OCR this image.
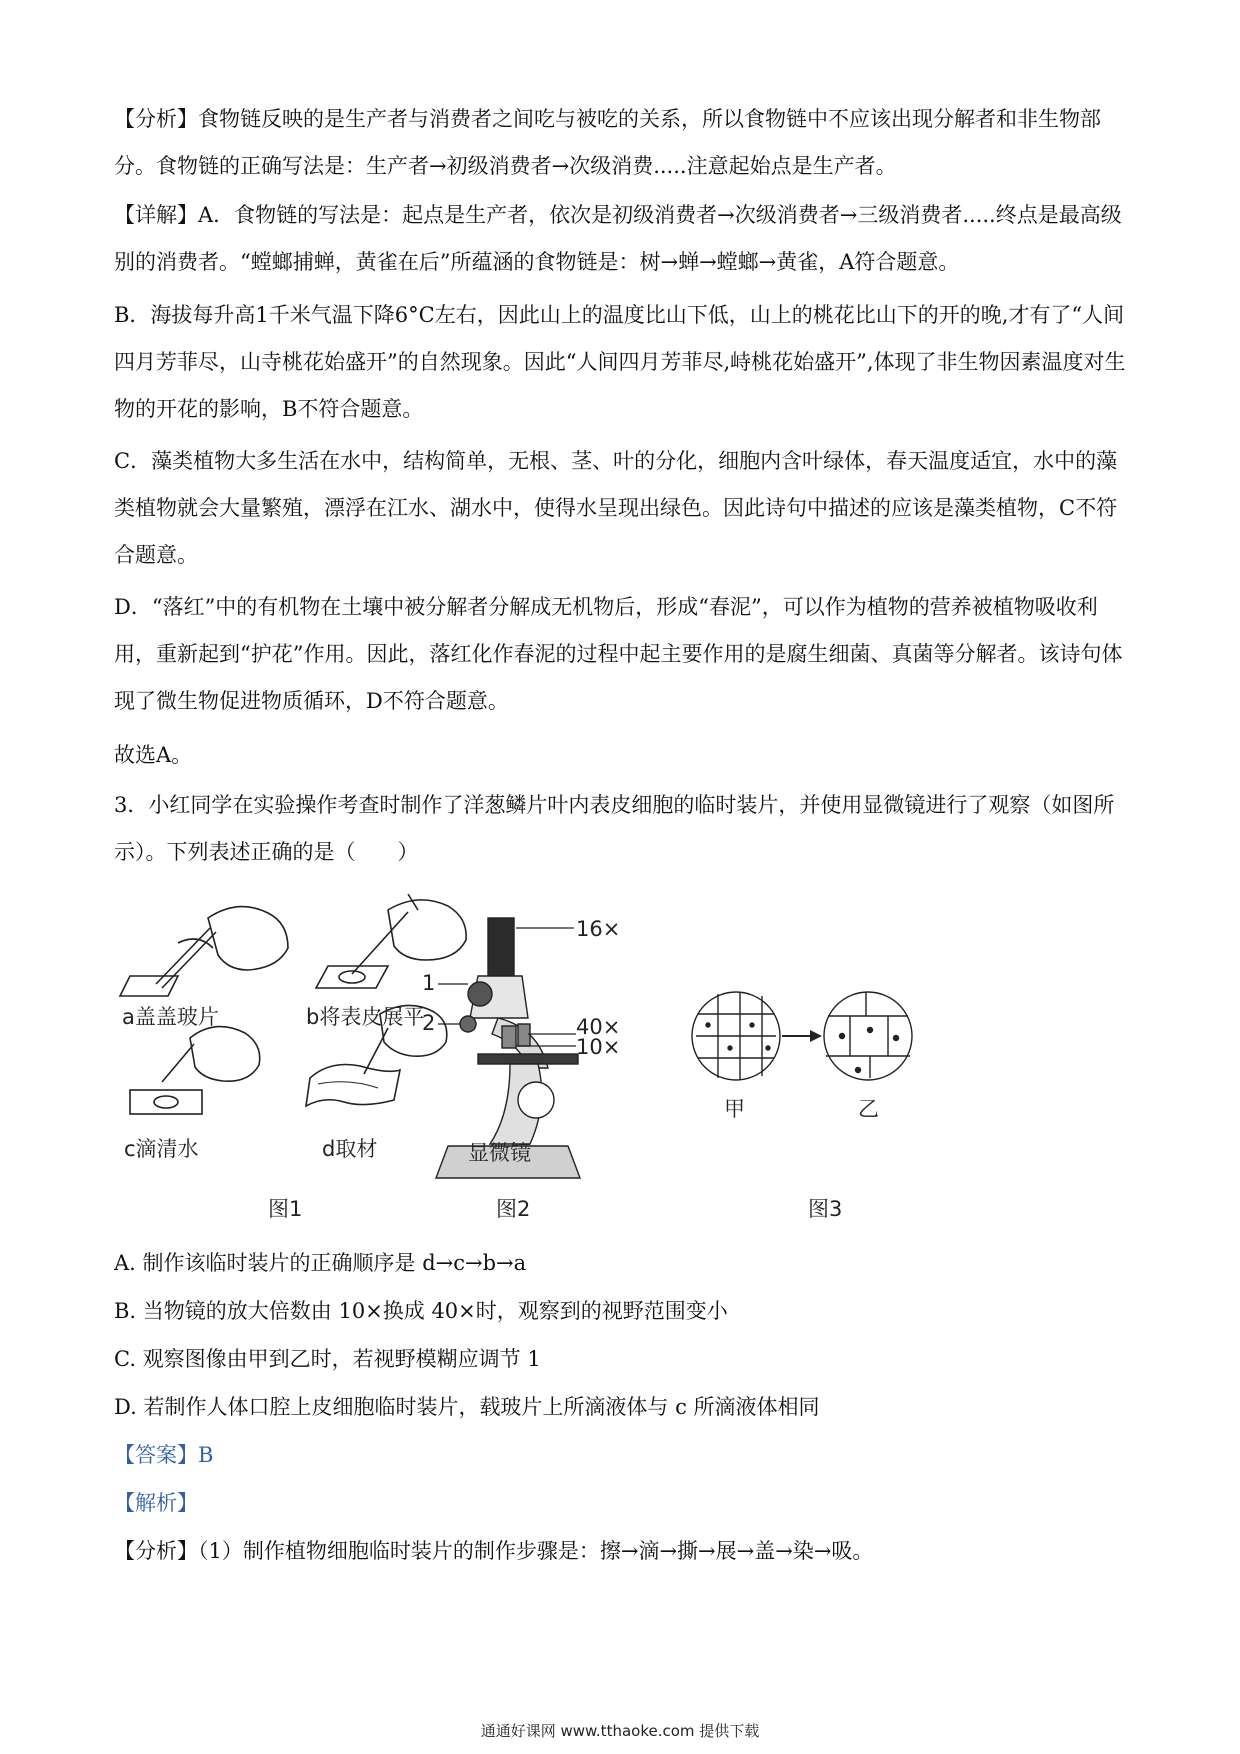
【分析】食物链反映的是生产者与消费者之间吃与被吃的关系，所以食物链中不应该出现分解者和非生物部分。食物链的正确写法是：生产者→初级消费者→次级消费.....注意起始点是生产者。

【详解】A．食物链的写法是：起点是生产者，依次是初级消费者→次级消费者→三级消费者.....终点是最高级别的消费者。“螳螂捕蝉，黄雀在后”所蕴涵的食物链是：树→蝉→螳螂→黄雀，A符合题意。

B．海拔每升高1千米气温下降6°C左右，因此山上的温度比山下低，山上的桃花比山下的开的晚,才有了“人间四月芳菲尽，山寺桃花始盛开”的自然现象。因此“人间四月芳菲尽,峙桃花始盛开”,体现了非生物因素温度对生物的开花的影响，B不符合题意。

C．藻类植物大多生活在水中，结构简单，无根、茎、叶的分化，细胞内含叶绿体，春天温度适宜，水中的藻类植物就会大量繁殖，漂浮在江水、湖水中，使得水呈现出绿色。因此诗句中描述的应该是藻类植物，C不符合题意。

D．“落红”中的有机物在土壤中被分解者分解成无机物后，形成“春泥”，可以作为植物的营养被植物吸收利用，重新起到“护花”作用。因此，落红化作春泥的过程中起主要作用的是腐生细菌、真菌等分解者。该诗句体现了微生物促进物质循环，D不符合题意。

故选A。

3．小红同学在实验操作考查时制作了洋葱鳞片叶内表皮细胞的临时装片，并使用显微镜进行了观察（如图所示）。下列表述正确的是（　　）

a盖盖玻片	b将表皮展平
c滴清水	d取材
图1
16×
1
2	40×
10×
显微镜
图2
甲	乙
图3
A. 制作该临时装片的正确顺序是 d→c→b→a
B. 当物镜的放大倍数由 10×换成 40×时，观察到的视野范围变小
C. 观察图像由甲到乙时，若视野模糊应调节 1
D. 若制作人体口腔上皮细胞临时装片，载玻片上所滴液体与 c 所滴液体相同
【答案】B
【解析】
【分析】（1）制作植物细胞临时装片的制作步骤是：擦→滴→撕→展→盖→染→吸。
通通好课网 www.tthaoke.com 提供下载
